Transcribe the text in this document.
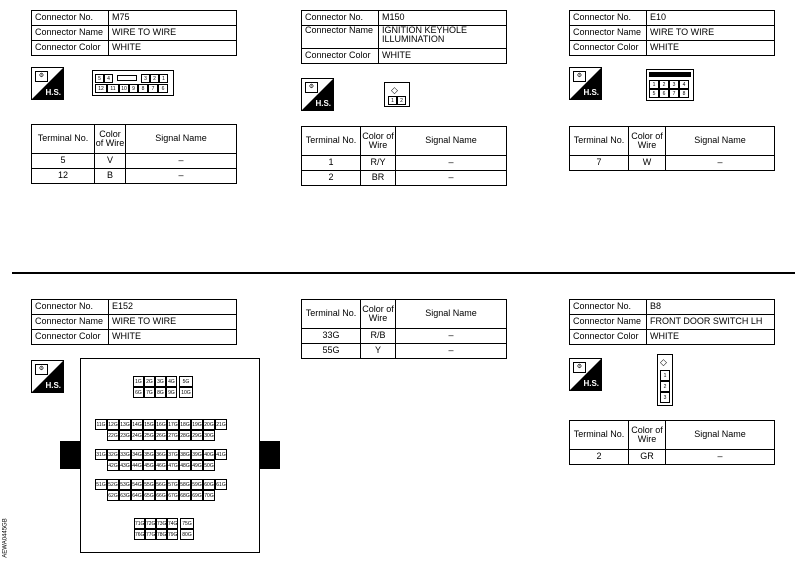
Connector No.	M75
Connector Name	WIRE TO WIRE
Connector Color	WHITE
⚙
H.S.
5	4	3	2	1
12	11	10	9	8	7	6
Terminal No.	Color of Wire	Signal Name
5	V	–
12	B	–
Connector No.	M150
Connector Name	IGNITION KEYHOLE ILLUMINATION
Connector Color	WHITE
⚙
H.S.
◇
1	2
Terminal No.	Color of Wire	Signal Name
1	R/Y	–
2	BR	–
Connector No.	E10
Connector Name	WIRE TO WIRE
Connector Color	WHITE
⚙
H.S.
1	2	3	4
5	6	7	8
Terminal No.	Color of Wire	Signal Name
7	W	–
Connector No.	E152
Connector Name	WIRE TO WIRE
Connector Color	WHITE
⚙
H.S.	1G 2G 3G 4G	5G
6G 7G 8G 9G	10G
11G 12G 13G 14G 15G 16G 17G 18G 19G 20G 21G
22G 23G 24G 25G 26G 27G 28G 29G 30G
31G 32G 33G 34G 35G 36G 37G 38G 39G 40G 41G
42G 43G 44G 45G 46G 47G 48G 49G 50G
51G 52G 53G 54G 55G 56G 57G 58G 59G 60G 61G
62G 63G 64G 65G 66G 67G 68G 69G 70G
71G 72G 73G 74G 75G
76G 77G 78G 79G 80G
Terminal No.	Color of Wire	Signal Name
33G	R/B	–
55G	Y	–
Connector No.	B8
Connector Name	FRONT DOOR SWITCH LH
Connector Color	WHITE
⚙
H.S.
◇
1
2
3
Terminal No.	Color of Wire	Signal Name
2	GR	–
AEWA0445GB
